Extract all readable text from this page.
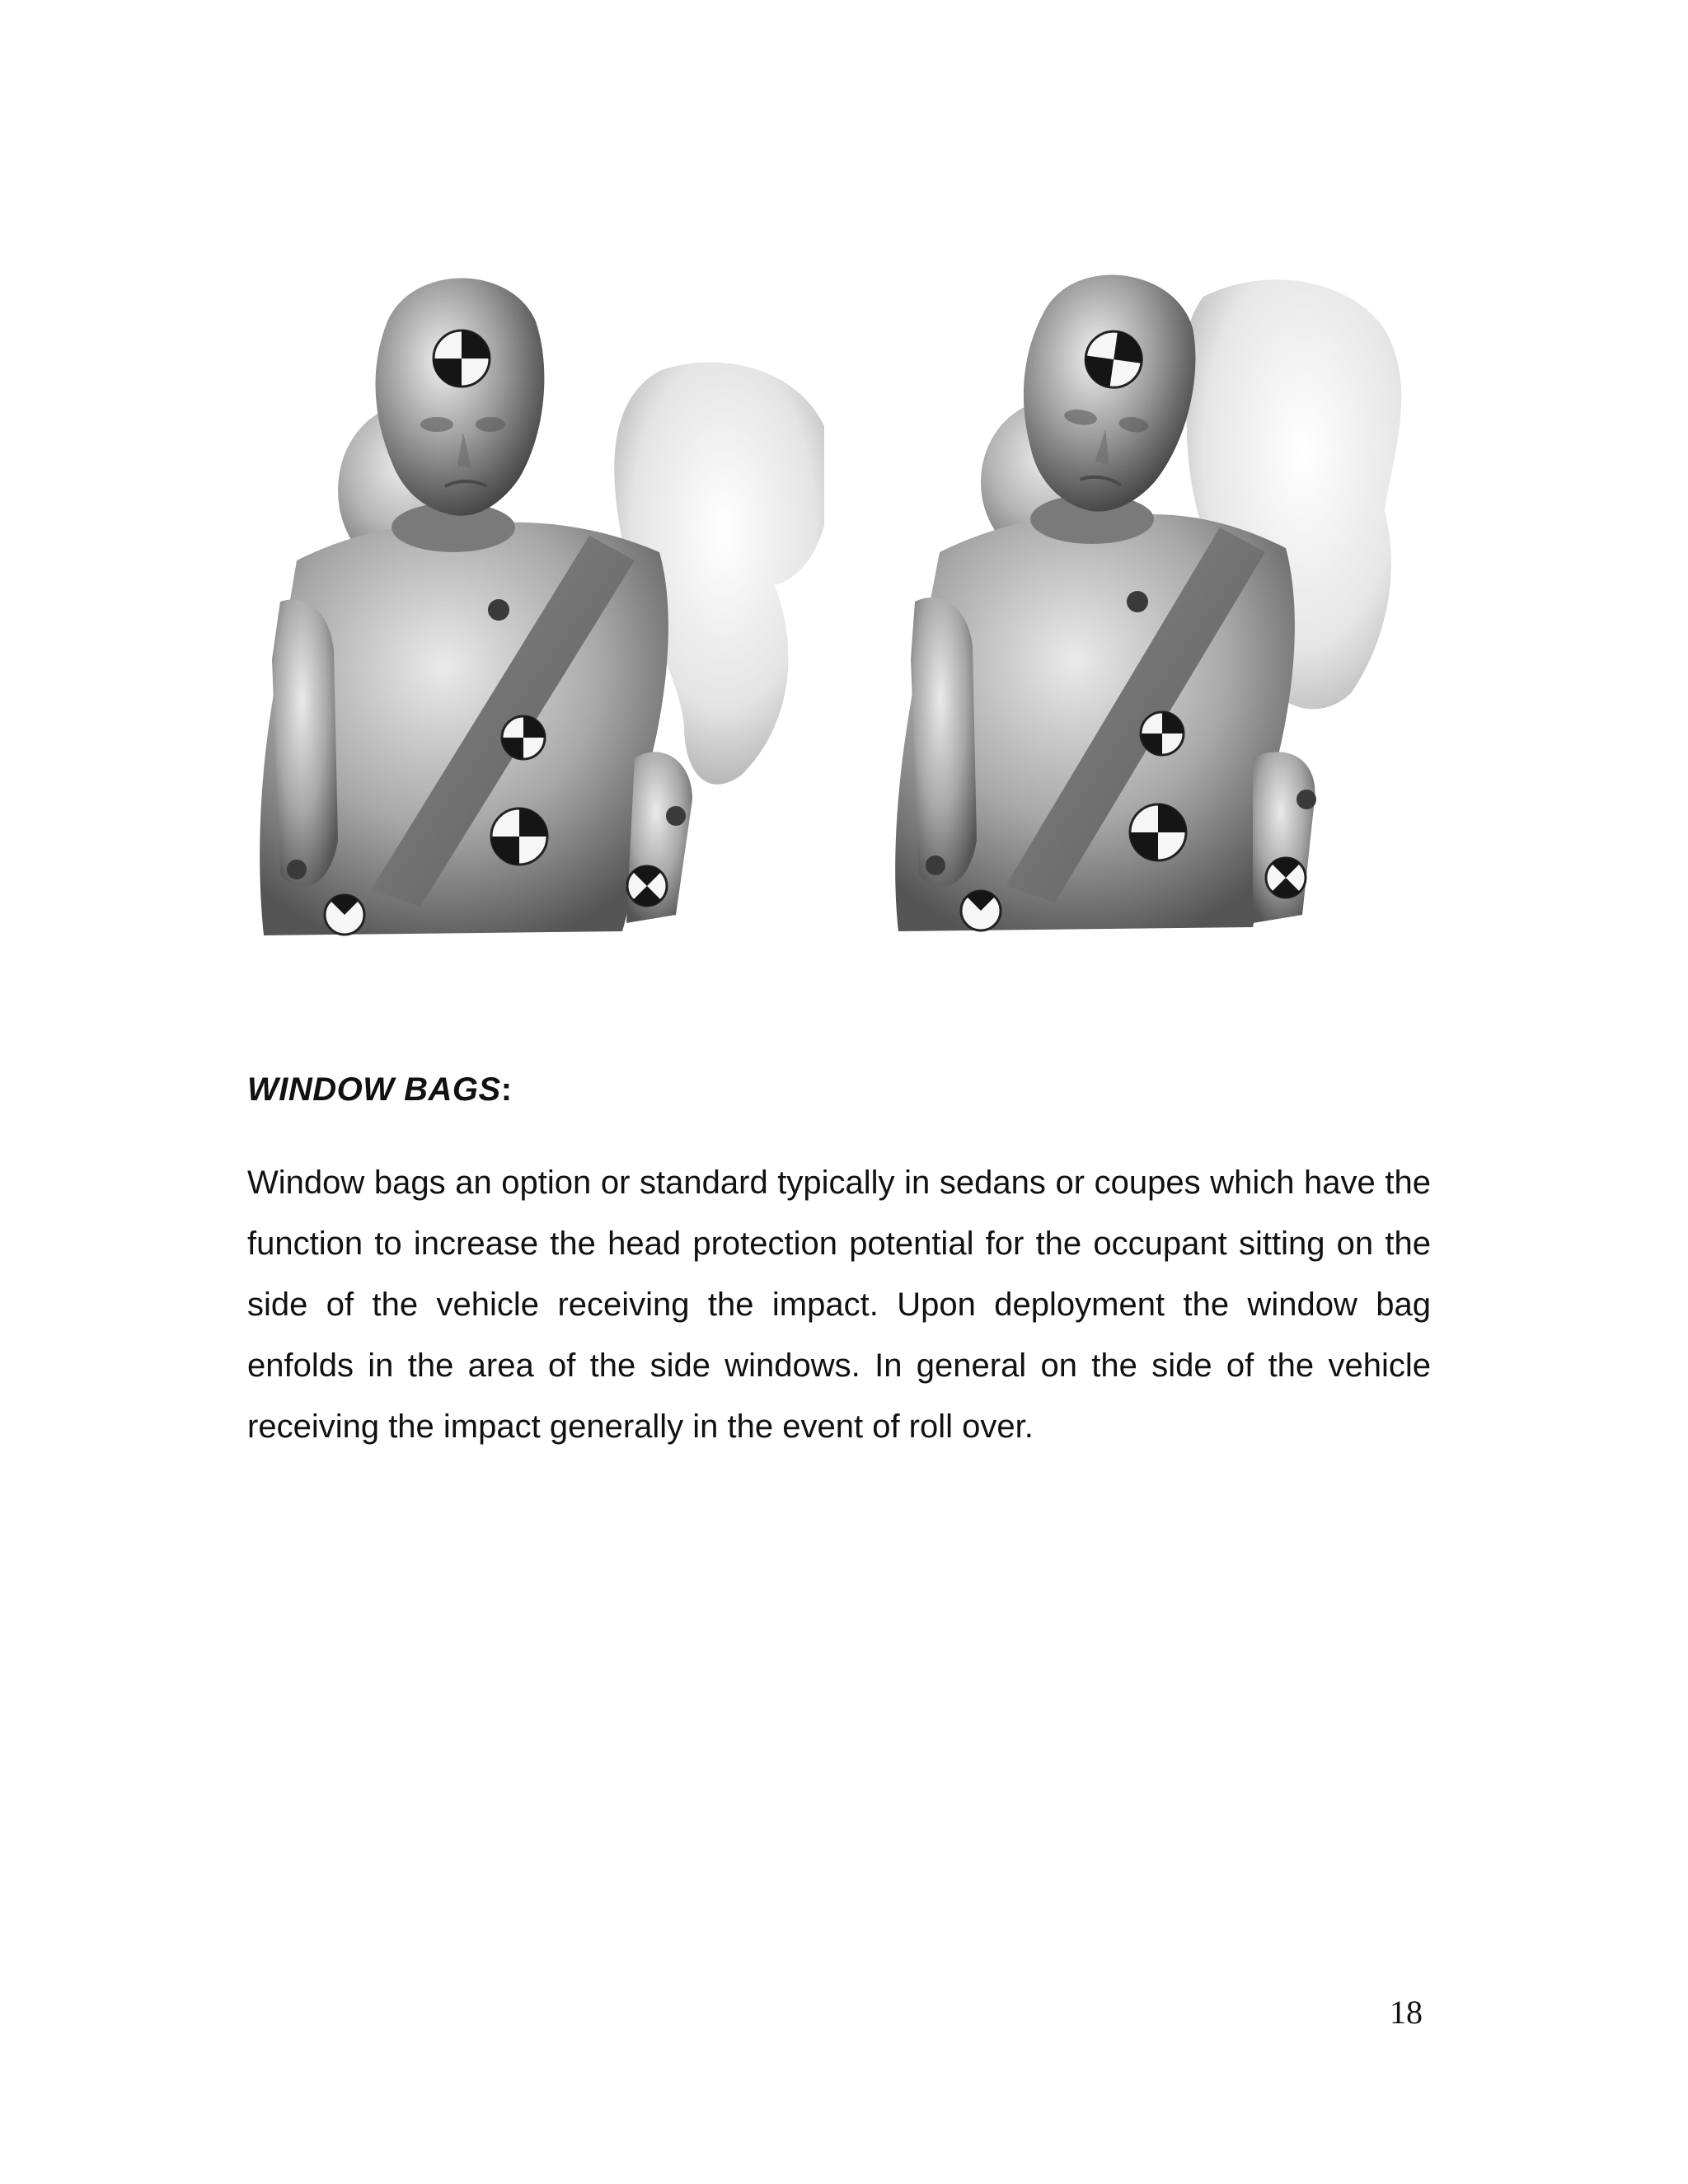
WINDOW BAGS:
Window bags an option or standard typically in sedans or coupes which have the function to increase the head protection potential for the occupant sitting on the side of the vehicle receiving the impact. Upon deployment the window bag enfolds in the area of the side windows. In general on the side of the vehicle receiving the impact generally in the event of roll over.
18
